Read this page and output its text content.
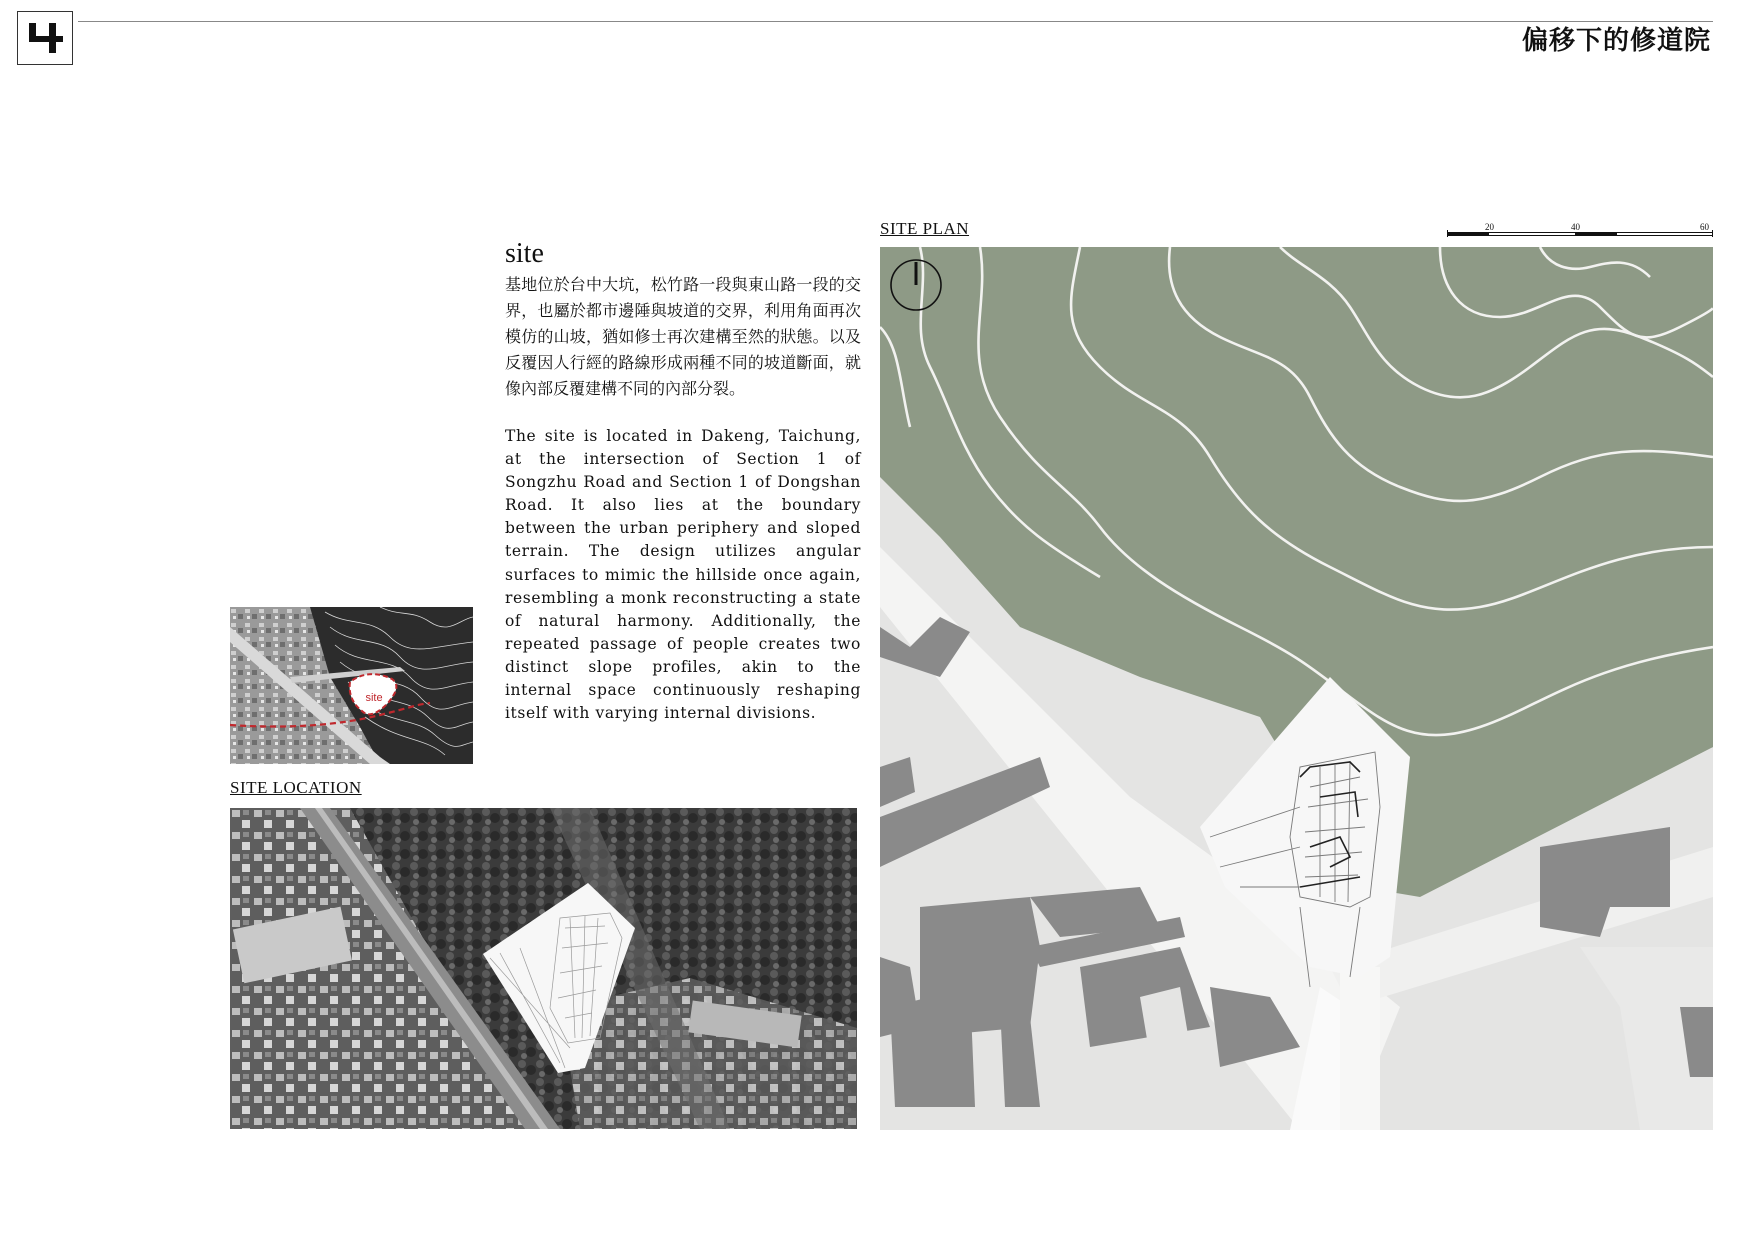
偏移下的修道院
site
基地位於台中大坑，松竹路一段與東山路一段的交界，也屬於都市邊陲與坡道的交界，利用角面再次模仿的山坡，猶如修士再次建構至然的狀態。以及反覆因人行經的路線形成兩種不同的坡道斷面，就像內部反覆建構不同的內部分裂。
The site is located in Dakeng, Taichung, at the intersection of Section 1 of Songzhu Road and Section 1 of Dongshan Road. It also lies at the boundary between the urban periphery and sloped terrain. The design utilizes angular surfaces to mimic the hillside once again, resembling a monk reconstructing a state of natural harmony. Additionally, the repeated passage of people creates two distinct slope profiles, akin to the internal space continuously reshaping itself with varying internal divisions.
site
SITE LOCATION
SITE PLAN	20	40	60
